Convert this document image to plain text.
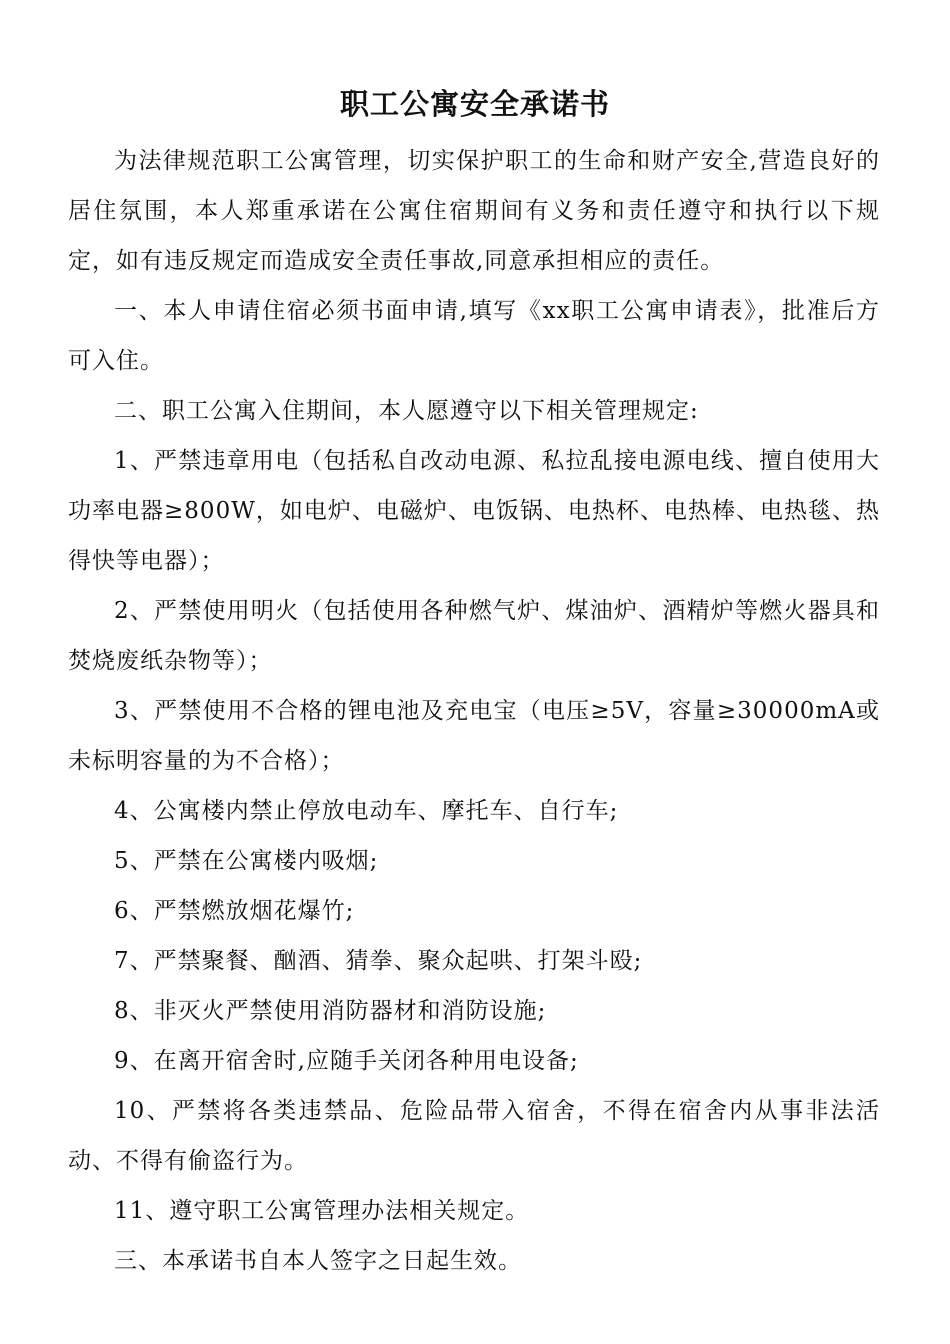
职工公寓安全承诺书

为法律规范职工公寓管理，切实保护职工的生命和财产安全,营造良好的居住氛围，本人郑重承诺在公寓住宿期间有义务和责任遵守和执行以下规定，如有违反规定而造成安全责任事故,同意承担相应的责任。

一、本人申请住宿必须书面申请,填写《xx职工公寓申请表》，批准后方可入住。

二、职工公寓入住期间，本人愿遵守以下相关管理规定:

1、严禁违章用电（包括私自改动电源、私拉乱接电源电线、擅自使用大功率电器≥800W，如电炉、电磁炉、电饭锅、电热杯、电热棒、电热毯、热得快等电器）；

2、严禁使用明火（包括使用各种燃气炉、煤油炉、酒精炉等燃火器具和焚烧废纸杂物等）；

3、严禁使用不合格的锂电池及充电宝（电压≥5V，容量≥30000mA或未标明容量的为不合格）；

4、公寓楼内禁止停放电动车、摩托车、自行车;

5、严禁在公寓楼内吸烟;

6、严禁燃放烟花爆竹;

7、严禁聚餐、酗酒、猜拳、聚众起哄、打架斗殴;

8、非灭火严禁使用消防器材和消防设施;

9、在离开宿舍时,应随手关闭各种用电设备;

10、严禁将各类违禁品、危险品带入宿舍，不得在宿舍内从事非法活动、不得有偷盗行为。

11、遵守职工公寓管理办法相关规定。

三、本承诺书自本人签字之日起生效。
